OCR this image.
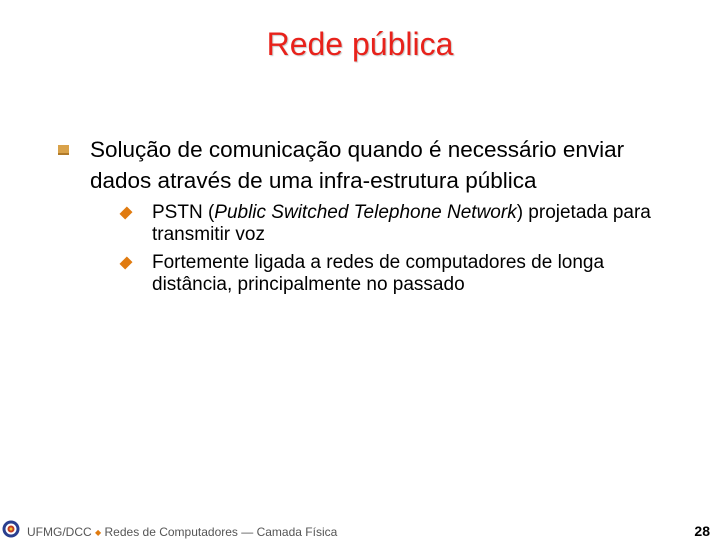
Rede pública
Solução de comunicação quando é necessário enviar dados através de uma infra-estrutura pública
PSTN (Public Switched Telephone Network) projetada para transmitir voz
Fortemente ligada a redes de computadores de longa distância, principalmente no passado
UFMG/DCC ◆ Redes de Computadores — Camada Física	28
